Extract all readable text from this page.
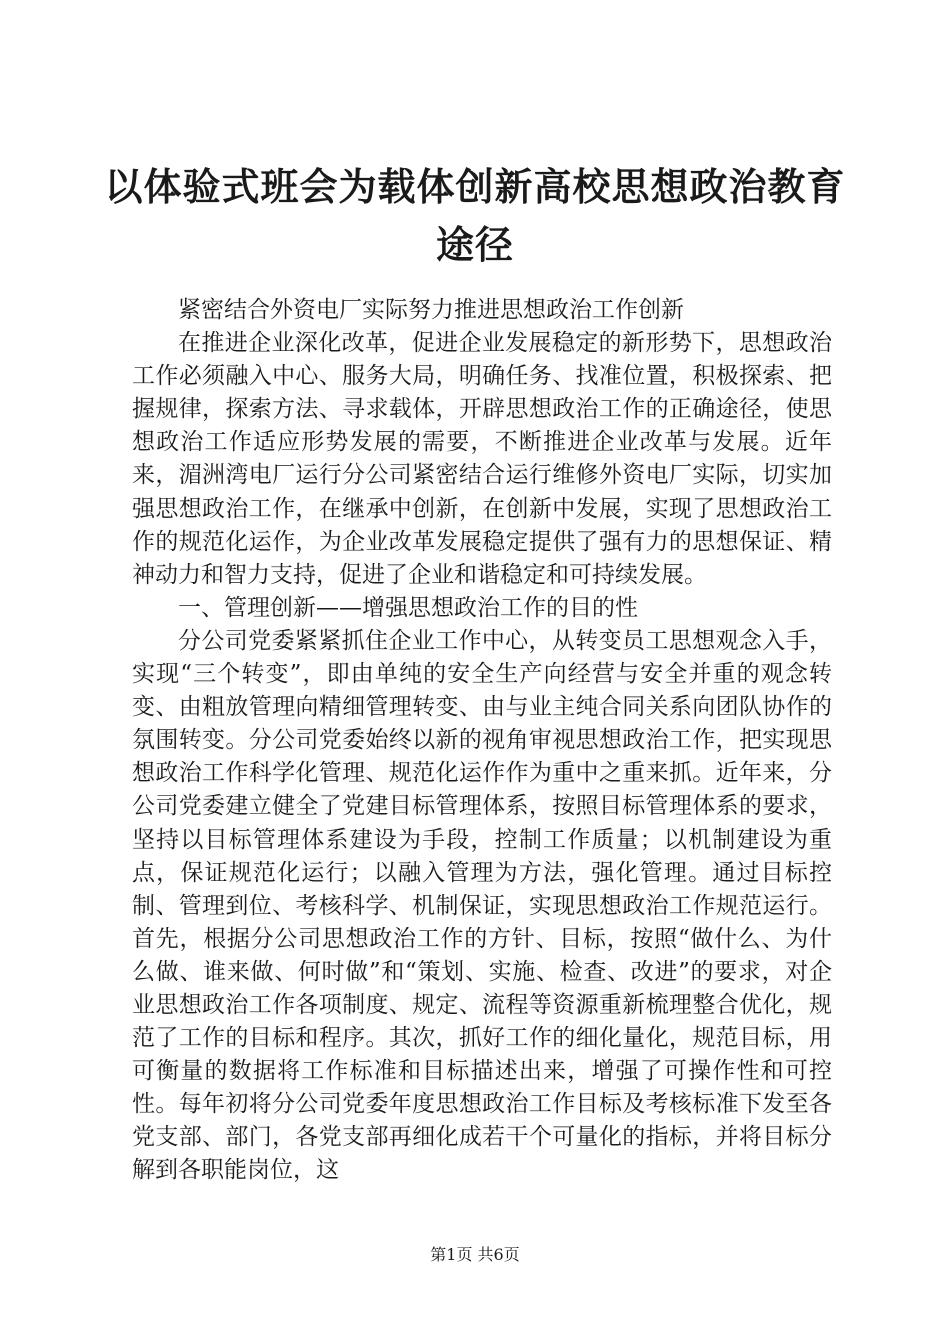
以体验式班会为载体创新高校思想政治教育途径

紧密结合外资电厂实际努力推进思想政治工作创新

在推进企业深化改革，促进企业发展稳定的新形势下，思想政治工作必须融入中心、服务大局，明确任务、找准位置，积极探索、把握规律，探索方法、寻求载体，开辟思想政治工作的正确途径，使思想政治工作适应形势发展的需要，不断推进企业改革与发展。近年来，湄洲湾电厂运行分公司紧密结合运行维修外资电厂实际，切实加强思想政治工作，在继承中创新，在创新中发展，实现了思想政治工作的规范化运作，为企业改革发展稳定提供了强有力的思想保证、精神动力和智力支持，促进了企业和谐稳定和可持续发展。

一、管理创新——增强思想政治工作的目的性

分公司党委紧紧抓住企业工作中心，从转变员工思想观念入手，实现“三个转变”，即由单纯的安全生产向经营与安全并重的观念转变、由粗放管理向精细管理转变、由与业主纯合同关系向团队协作的氛围转变。分公司党委始终以新的视角审视思想政治工作，把实现思想政治工作科学化管理、规范化运作作为重中之重来抓。近年来，分公司党委建立健全了党建目标管理体系，按照目标管理体系的要求，坚持以目标管理体系建设为手段，控制工作质量；以机制建设为重点，保证规范化运行；以融入管理为方法，强化管理。通过目标控制、管理到位、考核科学、机制保证，实现思想政治工作规范运行。首先，根据分公司思想政治工作的方针、目标，按照“做什么、为什么做、谁来做、何时做”和“策划、实施、检查、改进”的要求，对企业思想政治工作各项制度、规定、流程等资源重新梳理整合优化，规范了工作的目标和程序。其次，抓好工作的细化量化，规范目标，用可衡量的数据将工作标准和目标描述出来，增强了可操作性和可控性。每年初将分公司党委年度思想政治工作目标及考核标准下发至各党支部、部门，各党支部再细化成若干个可量化的指标，并将目标分解到各职能岗位，这

第1页 共6页
